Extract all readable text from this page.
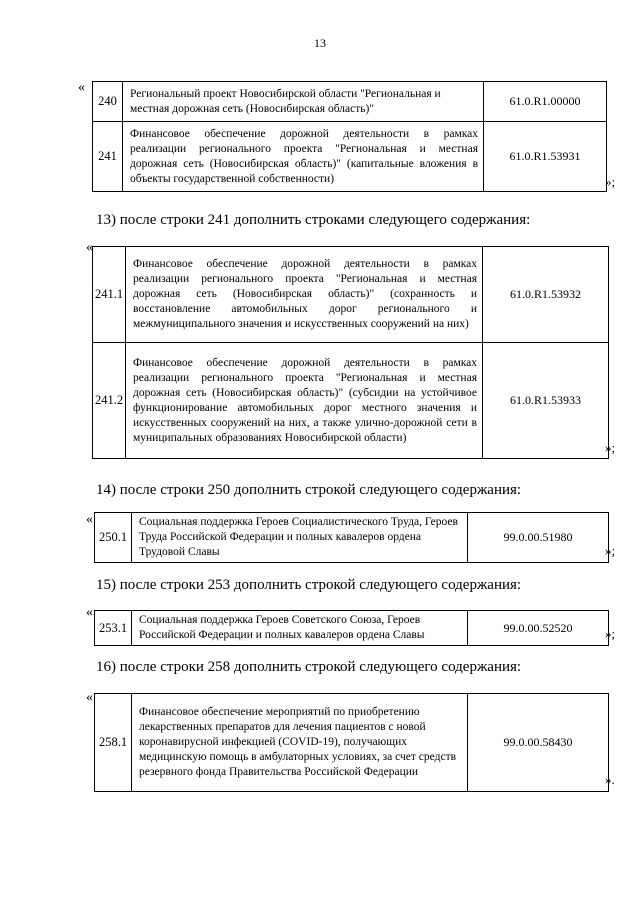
13
«
240	Региональный проект Новосибирской области "Региональная и местная дорожная сеть (Новосибирская область)"	61.0.R1.00000
241	Финансовое обеспечение дорожной деятельности в рамках реализации регионального проекта "Региональная и местная дорожная сеть (Новосибирская область)" (капитальные вложения в объекты государственной собственности)	61.0.R1.53931
»;
13) после строки 241 дополнить строками следующего содержания:
«
241.1	Финансовое обеспечение дорожной деятельности в рамках реализации регионального проекта "Региональная и местная дорожная сеть (Новосибирская область)" (сохранность и восстановление автомобильных дорог регионального и межмуниципального значения и искусственных сооружений на них)	61.0.R1.53932
241.2	Финансовое обеспечение дорожной деятельности в рамках реализации регионального проекта "Региональная и местная дорожная сеть (Новосибирская область)" (субсидии на устойчивое функционирование автомобильных дорог местного значения и искусственных сооружений на них, а также улично-дорожной сети в муниципальных образованиях Новосибирской области)	61.0.R1.53933
»;
14) после строки 250 дополнить строкой следующего содержания:
«
250.1	Социальная поддержка Героев Социалистического Труда, Героев Труда Российской Федерации и полных кавалеров ордена Трудовой Славы	99.0.00.51980
»;
15) после строки 253 дополнить строкой следующего содержания:
«
253.1	Социальная поддержка Героев Советского Союза, Героев Российской Федерации и полных кавалеров ордена Славы	99.0.00.52520	»;
16) после строки 258 дополнить строкой следующего содержания:
«
258.1	Финансовое обеспечение мероприятий по приобретению лекарственных препаратов для лечения пациентов с новой коронавирусной инфекцией (COVID-19), получающих медицинскую помощь в амбулаторных условиях, за счет средств резервного фонда Правительства Российской Федерации	99.0.00.58430
».
